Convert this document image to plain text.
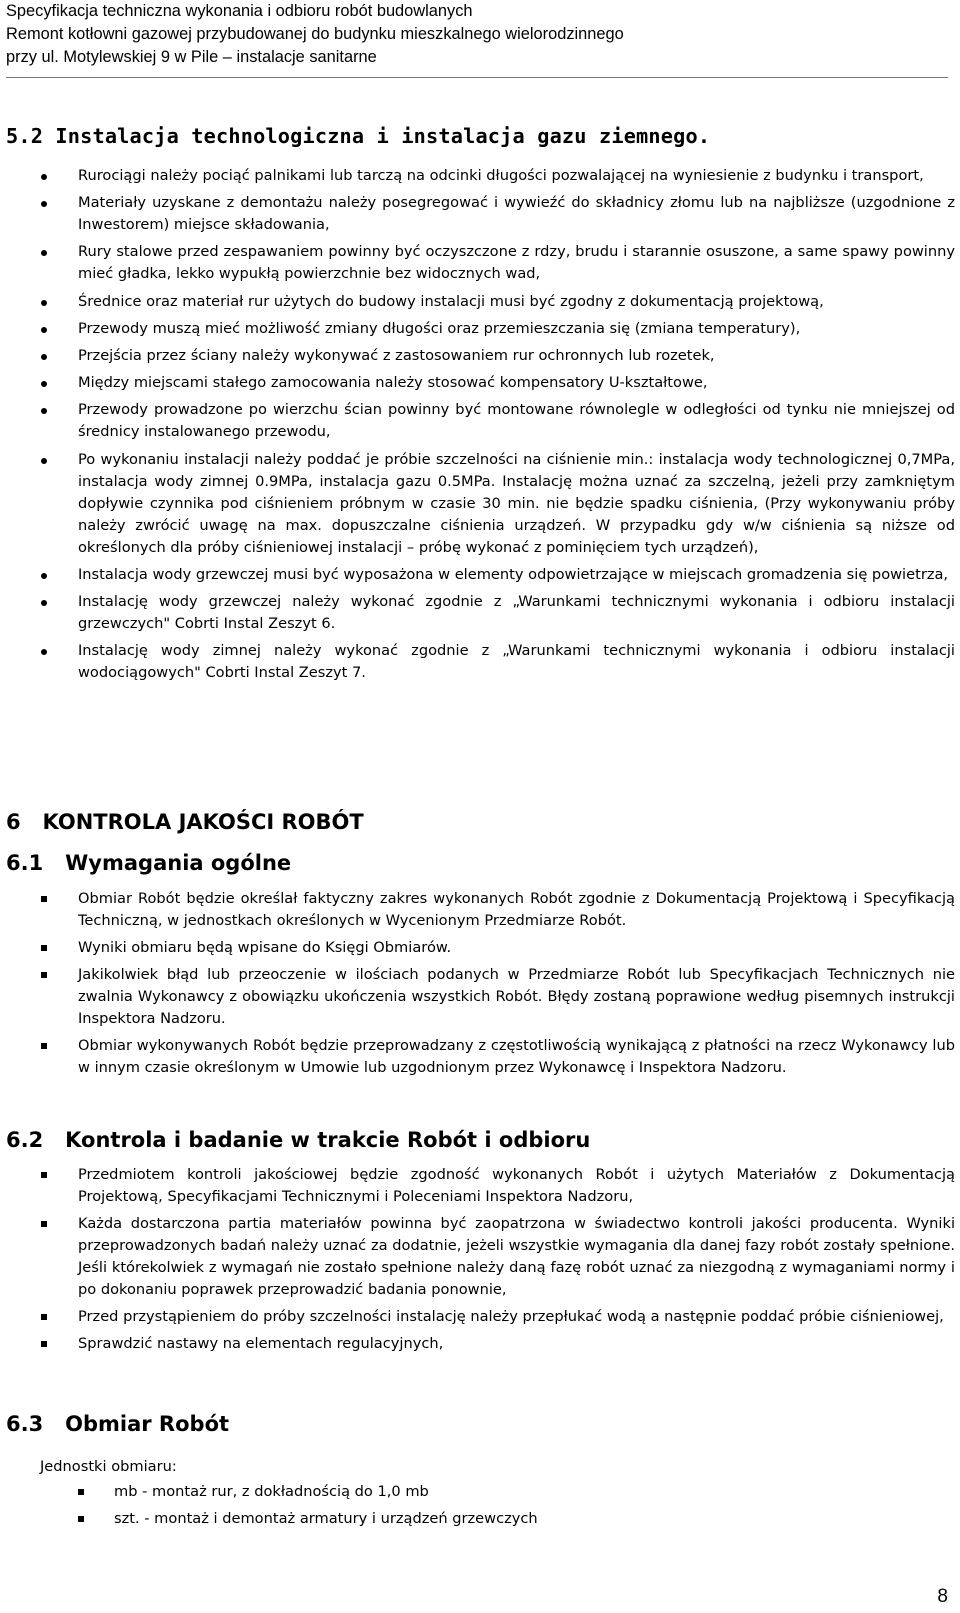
Specyfikacja techniczna wykonania i odbioru robót budowlanych
Remont kotłowni gazowej przybudowanej do budynku mieszkalnego wielorodzinnego
przy ul. Motylewskiej 9 w Pile – instalacje sanitarne
5.2 Instalacja technologiczna i instalacja gazu ziemnego.
Rurociągi należy pociąć palnikami lub tarczą na odcinki długości pozwalającej na wyniesienie z budynku i transport,
Materiały uzyskane z demontażu należy posegregować i wywieźć do składnicy złomu lub na najbliższe (uzgodnione z Inwestorem) miejsce składowania,
Rury stalowe przed zespawaniem powinny być oczyszczone z rdzy, brudu i starannie osuszone, a same spawy powinny mieć gładka, lekko wypukłą powierzchnie bez widocznych wad,
Średnice oraz materiał rur użytych do budowy instalacji musi być zgodny z dokumentacją projektową,
Przewody muszą mieć możliwość zmiany długości oraz przemieszczania się (zmiana temperatury),
Przejścia przez ściany należy wykonywać z zastosowaniem rur ochronnych lub rozetek,
Między miejscami stałego zamocowania należy stosować kompensatory U-kształtowe,
Przewody prowadzone po wierzchu ścian powinny być montowane równolegle w odległości od tynku nie mniejszej od średnicy instalowanego przewodu,
Po wykonaniu instalacji należy poddać je próbie szczelności na ciśnienie min.: instalacja wody technologicznej 0,7MPa, instalacja wody zimnej 0.9MPa, instalacja gazu 0.5MPa. Instalację można uznać za szczelną, jeżeli przy zamkniętym dopływie czynnika pod ciśnieniem próbnym w czasie 30 min. nie będzie spadku ciśnienia, (Przy wykonywaniu próby należy zwrócić uwagę na max. dopuszczalne ciśnienia urządzeń. W przypadku gdy w/w ciśnienia są niższe od określonych dla próby ciśnieniowej instalacji – próbę wykonać z pominięciem tych urządzeń),
Instalacja wody grzewczej musi być wyposażona w elementy odpowietrzające w miejscach gromadzenia się powietrza,
Instalację wody grzewczej należy wykonać zgodnie z „Warunkami technicznymi wykonania i odbioru instalacji grzewczych" Cobrti Instal Zeszyt 6.
Instalację wody zimnej należy wykonać zgodnie z „Warunkami technicznymi wykonania i odbioru instalacji wodociągowych" Cobrti Instal Zeszyt 7.
6   KONTROLA JAKOŚCI ROBÓT
6.1   Wymagania ogólne
Obmiar Robót będzie określał faktyczny zakres wykonanych Robót zgodnie z Dokumentacją Projektową i Specyfikacją Techniczną, w jednostkach określonych w Wycenionym Przedmiarze Robót.
Wyniki obmiaru będą wpisane do Księgi Obmiarów.
Jakikolwiek błąd lub przeoczenie w ilościach podanych w Przedmiarze Robót lub Specyfikacjach Technicznych nie zwalnia Wykonawcy z obowiązku ukończenia wszystkich Robót. Błędy zostaną poprawione według pisemnych instrukcji Inspektora Nadzoru.
Obmiar wykonywanych Robót będzie przeprowadzany z częstotliwością wynikającą z płatności na rzecz Wykonawcy lub w innym czasie określonym w Umowie lub uzgodnionym przez Wykonawcę i Inspektora Nadzoru.
6.2   Kontrola i badanie w trakcie Robót i odbioru
Przedmiotem kontroli jakościowej będzie zgodność wykonanych Robót i użytych Materiałów z Dokumentacją Projektową, Specyfikacjami Technicznymi i Poleceniami Inspektora Nadzoru,
Każda dostarczona partia materiałów powinna być zaopatrzona w świadectwo kontroli jakości producenta. Wyniki przeprowadzonych badań należy uznać za dodatnie, jeżeli wszystkie wymagania dla danej fazy robót zostały spełnione. Jeśli którekolwiek z wymagań nie zostało spełnione należy daną fazę robót uznać za niezgodną z wymaganiami normy i po dokonaniu poprawek przeprowadzić badania ponownie,
Przed przystąpieniem do próby szczelności instalację należy przepłukać wodą a następnie poddać próbie ciśnieniowej,
Sprawdzić nastawy na elementach regulacyjnych,
6.3   Obmiar Robót
Jednostki obmiaru:
mb - montaż rur, z dokładnością do 1,0 mb
szt. - montaż i demontaż armatury i urządzeń grzewczych
8
